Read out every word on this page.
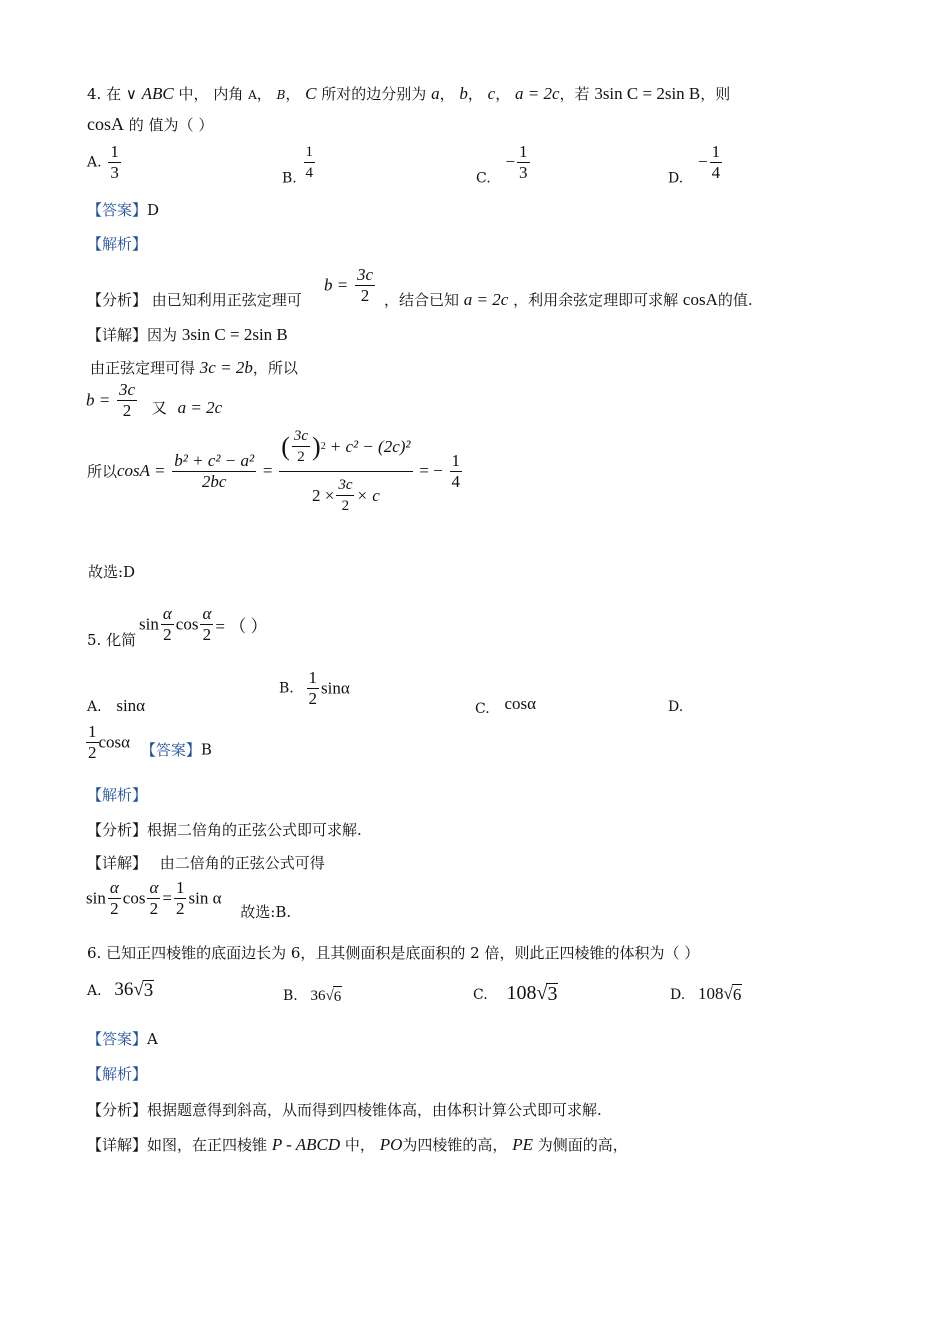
4. 在 ∨ ABC 中， 内角 A， B， C 所对的边分别为 a， b， c， a = 2c，若 3sin C = 2sin B，则
cosA 的 值为（ ）
A. $\frac{1}{3}$	B. $\frac{1}{4}$	C. − $\frac{1}{3}$	D. − $\frac{1}{4}$
【答案】D
【解析】
【分析】 由已知利用正弦定理可
$b = \frac{3c}{2}$ ，结合已知 a = 2c ，利用余弦定理即可求解 cosA的值.
【详解】因为 3sin C = 2sin B
由正弦定理可得 3c = 2b，所以
$b = \frac{3c}{2}$ 又 a = 2c
所以$\cos A = \frac{\text{b² + c² − a²}}{2bc} = \frac{( \frac{3c}{2} ) 2 + c^2 - (2c)^2}{2 \times \frac{3c}{2} \times c}$ = − $\frac{1}{4}$
故选:D
5. 化简
$\sin \frac{\alpha}{2}$ $\cos \frac{\alpha}{2}$ = （ ）
A. sinα
B. $\frac{1}{2}$ sinα
C. cosα	D.
$\frac{1}{2}$ cosα 【答案】B
【解析】
【分析】根据二倍角的正弦公式即可求解.
【详解】 由二倍角的正弦公式可得
$\sin \frac{\alpha}{2}$ $\cos \frac{\alpha}{2} = \frac{1}{2}$ sin α 故选:B.
6. 已知正四棱锥的底面边长为 6，且其侧面积是底面积的 2 倍，则此正四棱锥的体积为（ ）
A. 36√ 3	B. 36√ 6	C. 108√ 3	D. 108√ 6
【答案】A
【解析】
【分析】根据题意得到斜高，从而得到四棱锥体高，由体积计算公式即可求解.
【详解】如图，在正四棱锥 P - ABCD 中， PO为四棱锥的高， PE 为侧面的高，
